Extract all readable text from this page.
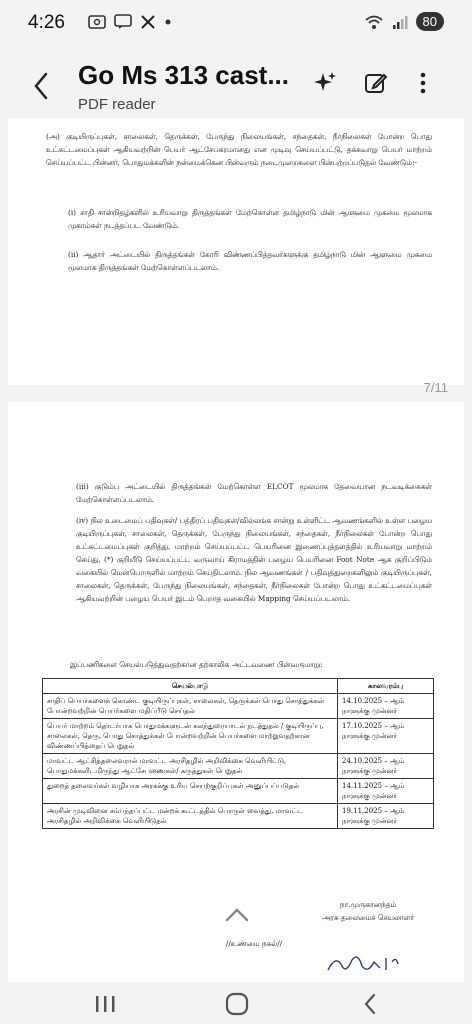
4:26	80
Go Ms 313 cast...
PDF reader
(அ) குடியிருப்புகள், சாலைகள், தெருக்கள், பேருந்து நிலையங்கள், சந்தைகள், நீர்நிலைகள் போன்ற பொது உட்கட்டமைப்புகள் ஆகியவற்றின் பெயர் ஆட்சேபகரமானது என முடிவு செய்யப்பட்டு, தக்கவாறு பெயர் மாற்றம் செய்யப்பட்ட பின்னர், பொதுமக்களின் நன்மைக்கென பின்வரும் நடைமுறைகளை பின்பற்றப்படுதல் வேண்டும்:-
(i) சாதி சான்றிதழ்களில் உரியவாறு திருத்தங்கள் மேற்கொள்ள தமிழ்நாடு மின் ஆளுமை முகமை மூலமாக முகாம்கள் நடத்தப்பட வேண்டும்.
(ii) ஆதார் அட்டையில் திருத்தங்கள் கோரி விண்ணப்பித்தவர்களுக்கு தமிழ்நாடு மின் ஆளுமை முகமை மூலமாக திருத்தங்கள் மேற்கொள்ளப்படலாம்.
7/11
(iii) குடும்ப அட்டையில் திருத்தங்கள் மேற்கொள்ள ELCOT மூலமாக தேவையான நடவடிக்கைகள் மேற்கொள்ளப்படலாம்.
(iv) நில உடைமைப் பதிவுகள்/ பத்திரப் பதிவுகள்/வில்லங்க சான்று உள்ளிட்ட ஆவணங்களில் உள்ள பழைய குடியிருப்புகள், சாலைகள், தெருக்கள், பேருந்து நிலையங்கள், சந்தைகள், நீர்நிலைகள் போன்ற பொது உட்கட்டமைப்புகள் குறித்து, மாற்றம் செய்யப்பட்ட பெயரினை இணைப்புத்தளத்தில் உரியவாறு மாற்றம் செய்து, (*) குறியீடு செய்யப்பட்ட வருவாய் கிராமத்தின் பழைய பெயரினை Foot Note ஆக குறிப்பிடும் வகையில் மென்பொருளில் மாற்றம் செய்திடலாம். நில ஆவணங்கள் / பதிவுத்துறைகளிலும் குடியிருப்புகள், சாலைகள், தெருக்கள், பேருந்து நிலையங்கள், சந்தைகள், நீர்நிலைகள் போன்ற பொது உட்கட்டமைப்புகள் ஆகியவற்றின் பழைய பெயர் இடம் பெறாத வகையில் Mapping செய்யப்படலாம்.
இப்பணிகளை செயல்படுத்துவதற்கான தற்காலிக அட்டவணை பின்வருமாறு:
செயல்பாடு	காலவரம்பு
சாதிப் பெயர்களைக் கொண்ட குடியிருப்புகள், சாலைகள், தெருக்கள் பொது சொத்துக்கள் போன்றவற்றின் பெயர்களை மதிப்பீடு செய்தல்	14.10.2025 – ஆம் நாளுக்கு முன்னர்
பெயர் மாற்றம் தொடர்பாக பொதுமக்களுடன் கலந்துரையாடல் நடத்துதல் / குடியிருப்பு, சாலைகள், தெரு, பொது சொத்துக்கள் போன்றவற்றின் பெயர்களை மாற்றுவதற்கான விண்ணப்பித்தைப் பெறுதல்	17.10.2025 – ஆம் நாளுக்கு முன்னர்
மாவட்ட ஆட்சித்தலைவரால் மாவட்ட அரசிதழில் அறிவிக்கை வெளியிட்டு, பொதுமக்களிடமிருந்து ஆட்சேபணைகள்/ கருத்துகள் பெறுதல்	24.10.2025 – ஆம் நாளுக்கு முன்னர்
துறைத் தலைவர்கள் வழியாக அரசுக்கு உரிய செயற்குறிப்புகள் அனுப்பப்படுதல்	14.11.2025 – ஆம் நாளுக்கு முன்னர்
அரசின் முடிவினை சம்பந்தப்பட்ட மன்றக் கூட்டத்தில் பொருள் வைத்து, மாவட்ட அரசிதழில் அறிவிக்கை வெளியிடுதல்	19.11.2025 – ஆம் நாளுக்கு முன்னர்
நா.முருகானந்தம்
அரசு தலைமைச் செயலாளர்
//உண்மை நகல்//
